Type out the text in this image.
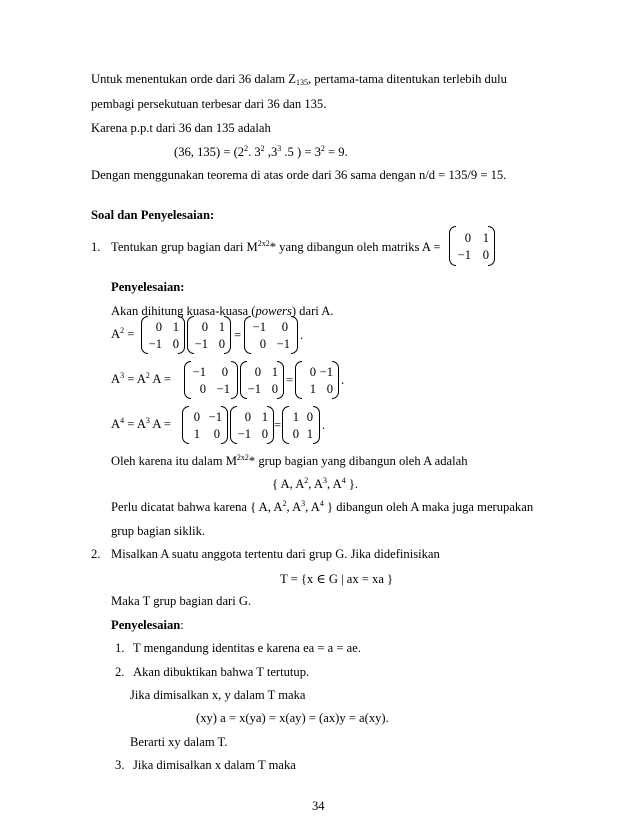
Untuk menentukan orde dari 36 dalam $Z_{135}$, pertama-tama ditentukan terlebih dulu
pembagi persekutuan terbesar dari 36 dan 135.
Karena p.p.t dari 36 dan 135 adalah
(36, $135) = (2^2$. $3^2$ $,3^3$ .5 ) = $3^2 = 9$.
Dengan menggunakan teorema di atas orde dari 36 sama dengan n/d = 135/9 = 15.
Soal dan Penyelesaian:
1. Tentukan grup bagian dari $M^{2x2}*$ yang dibangun oleh matriks A =
0 1
−1 0
Penyelesaian:
Akan dihitung kuasa-kuasa (powers) dari A.
$A^2$ =	0 1
−1 0
0 1
−1 0
=
−1	0
0 −1
.
$A^3 = A^2$ A =	−1	0
0 −1
0 1
−1 0
=
0 −1
1 0
.
$A^4 = A^3$ A =	0 −1
1	0
0 1
−1 0
=
1 0
0 1
.
Oleh karena itu dalam $M^{2x2}*$ grup bagian yang dibangun oleh A adalah
{ A, $A^2$, $A^3$, $A^4$ }.
Perlu dicatat bahwa karena { A, $A^2$, $A^3$, $A^4$ } dibangun oleh A maka juga merupakan
grup bagian siklik.
2. Misalkan A suatu anggota tertentu dari grup G. Jika didefinisikan
T = {x ∈ G | ax = xa }
Maka T grup bagian dari G.
Penyelesaian:
1. T mengandung identitas e karena ea = a = ae.
2. Akan dibuktikan bahwa T tertutup.
Jika dimisalkan x, y dalam T maka
(xy) a = x(ya) = x(ay) = (ax)y = a(xy).
Berarti xy dalam T.
3. Jika dimisalkan x dalam T maka
34
